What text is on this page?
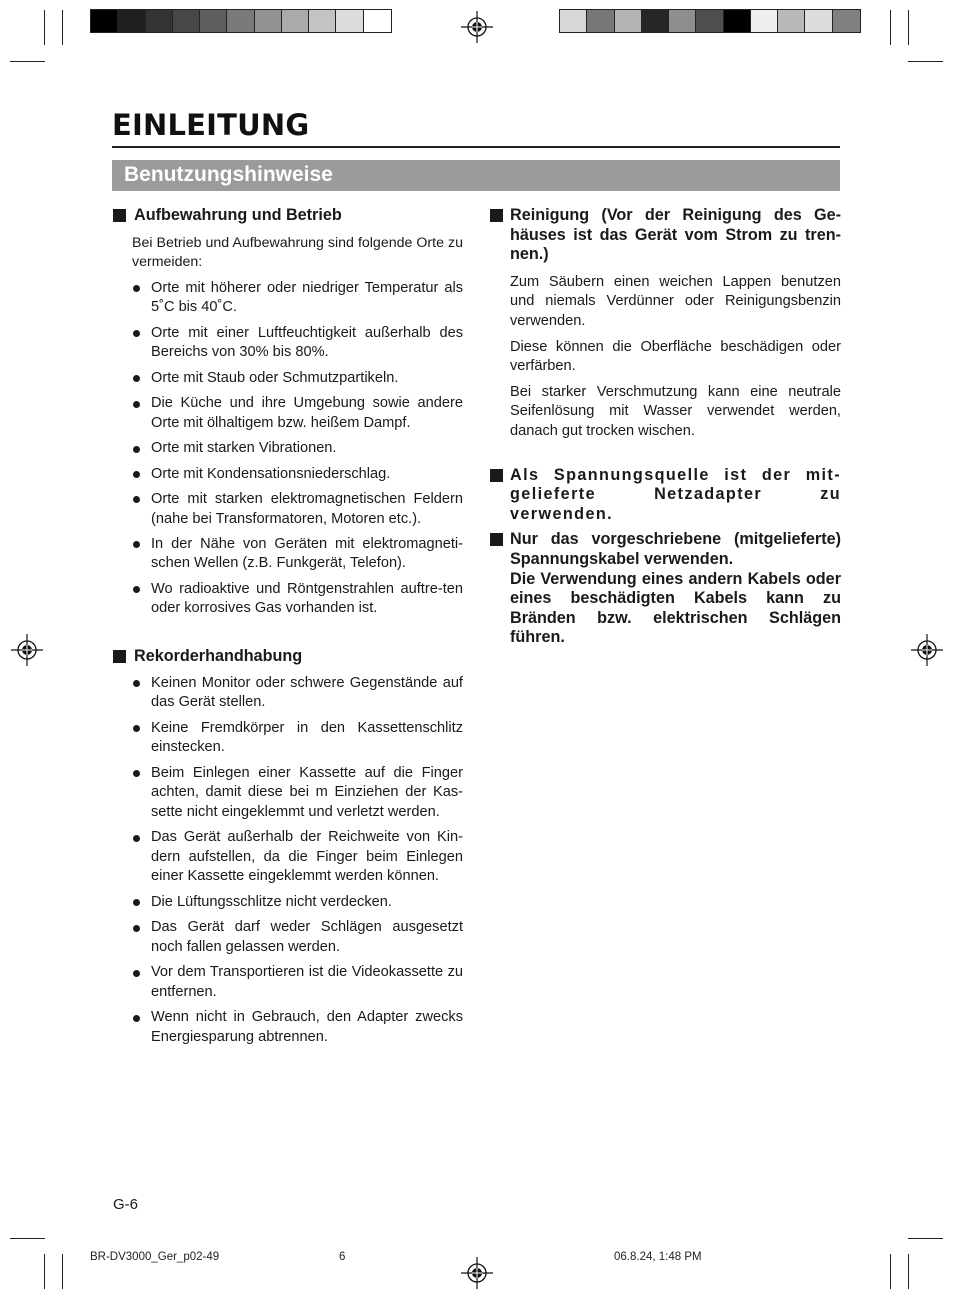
EINLEITUNG
Benutzungshinweise
Aufbewahrung und Betrieb

Bei Betrieb und Aufbewahrung sind folgende Orte zu vermeiden:

Orte mit höherer oder niedriger Temperatur als 5˚C bis 40˚C.
Orte mit einer Luftfeuchtigkeit außerhalb des Bereichs von 30% bis 80%.
Orte mit Staub oder Schmutzpartikeln.
Die Küche und ihre Umgebung sowie andere Orte mit ölhaltigem bzw. heißem Dampf.
Orte mit starken Vibrationen.
Orte mit Kondensationsniederschlag.
Orte mit starken elektromagnetischen Feldern (nahe bei Transformatoren, Motoren etc.).
In der Nähe von Geräten mit elektromagneti-schen Wellen (z.B. Funkgerät, Telefon).
Wo radioaktive und Röntgenstrahlen auftre-ten oder korrosives Gas vorhanden ist.
Rekorderhandhabung
Keinen Monitor oder schwere Gegenstände auf das Gerät stellen.
Keine Fremdkörper in den Kassettenschlitz einstecken.
Beim Einlegen einer Kassette auf die Finger achten, damit diese bei m Einziehen der Kas-sette nicht eingeklemmt und verletzt werden.
Das Gerät außerhalb der Reichweite von Kin-dern aufstellen, da die Finger beim Einlegen einer Kassette eingeklemmt werden können.
Die Lüftungsschlitze nicht verdecken.
Das Gerät darf weder Schlägen ausgesetzt noch fallen gelassen werden.
Vor dem Transportieren ist die Videokassette zu entfernen.
Wenn nicht in Gebrauch, den Adapter zwecks Energiesparung abtrennen.
Reinigung (Vor der Reinigung des Ge-häuses ist das Gerät vom Strom zu tren-nen.)

Zum Säubern einen weichen Lappen benutzen und niemals Verdünner oder Reinigungsbenzin verwenden.

Diese können die Oberfläche beschädigen oder verfärben.

Bei starker Verschmutzung kann eine neutrale Seifenlösung mit Wasser verwendet werden, danach gut trocken wischen.

Als Spannungsquelle ist der mit-gelieferte Netzadapter zu verwenden.
Nur das vorgeschriebene (mitgelieferte) Spannungskabel verwenden.
Die Verwendung eines andern Kabels oder eines beschädigten Kabels kann zu Bränden bzw. elektrischen Schlägen führen.
G-6
BR-DV3000_Ger_p02-49	6	06.8.24, 1:48 PM
